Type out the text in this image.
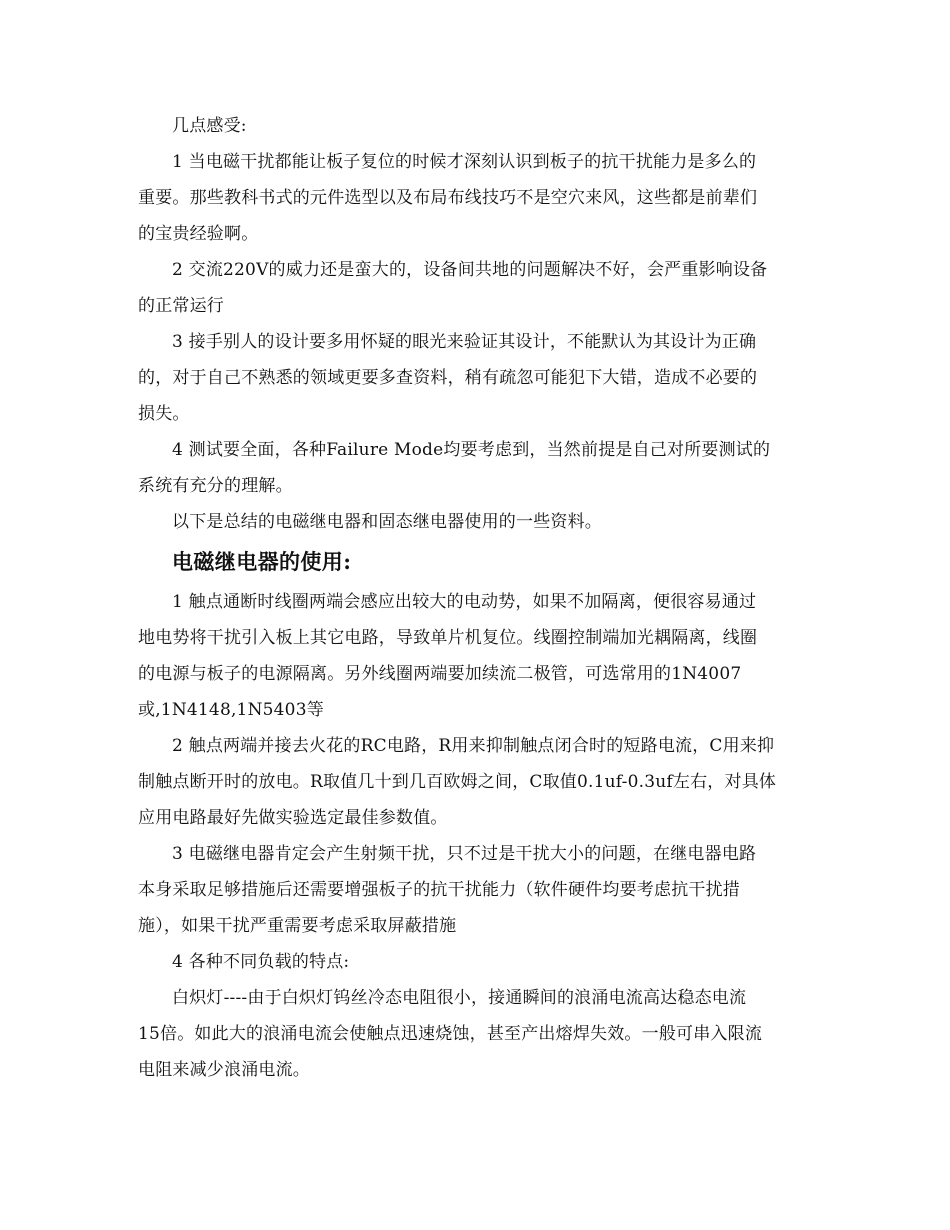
几点感受:

1 当电磁干扰都能让板子复位的时候才深刻认识到板子的抗干扰能力是多么的

重要。那些教科书式的元件选型以及布局布线技巧不是空穴来风，这些都是前辈们

的宝贵经验啊。

2 交流220V的威力还是蛮大的，设备间共地的问题解决不好，会严重影响设备

的正常运行

3 接手别人的设计要多用怀疑的眼光来验证其设计，不能默认为其设计为正确

的，对于自己不熟悉的领域更要多查资料，稍有疏忽可能犯下大错，造成不必要的

损失。

4 测试要全面，各种Failure Mode均要考虑到，当然前提是自己对所要测试的

系统有充分的理解。

以下是总结的电磁继电器和固态继电器使用的一些资料。

电磁继电器的使用:

1 触点通断时线圈两端会感应出较大的电动势，如果不加隔离，便很容易通过

地电势将干扰引入板上其它电路，导致单片机复位。线圈控制端加光耦隔离，线圈

的电源与板子的电源隔离。另外线圈两端要加续流二极管，可选常用的1N4007

或,1N4148,1N5403等

2 触点两端并接去火花的RC电路，R用来抑制触点闭合时的短路电流，C用来抑

制触点断开时的放电。R取值几十到几百欧姆之间，C取值0.1uf-0.3uf左右，对具体

应用电路最好先做实验选定最佳参数值。

3 电磁继电器肯定会产生射频干扰，只不过是干扰大小的问题，在继电器电路

本身采取足够措施后还需要增强板子的抗干扰能力（软件硬件均要考虑抗干扰措

施），如果干扰严重需要考虑采取屏蔽措施

4 各种不同负载的特点:

白炽灯----由于白炽灯钨丝冷态电阻很小，接通瞬间的浪涌电流高达稳态电流

15倍。如此大的浪涌电流会使触点迅速烧蚀，甚至产出熔焊失效。一般可串入限流

电阻来减少浪涌电流。
